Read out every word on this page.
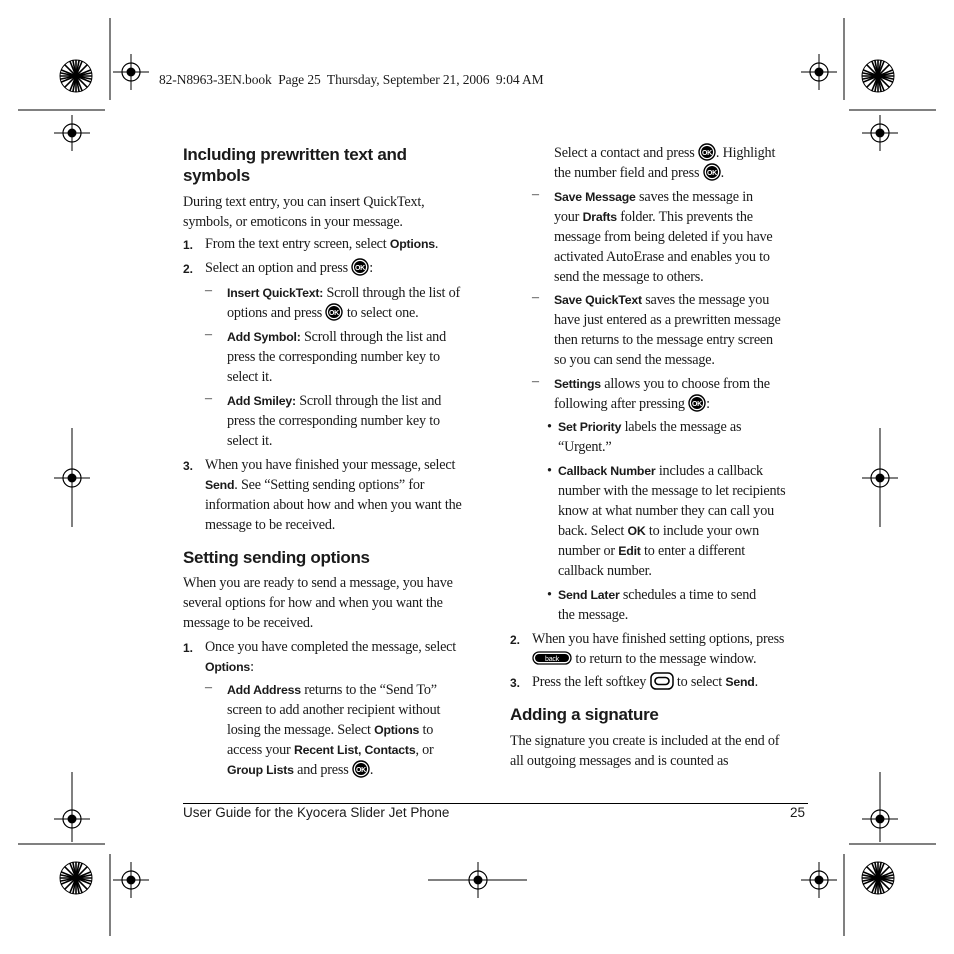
82-N8963-3EN.book  Page 25  Thursday, September 21, 2006  9:04 AM
Including prewritten text and
symbols
During text entry, you can insert QuickText,
symbols, or emoticons in your message.
1. From the text entry screen, select Options.
2. Select an option and press OK :
– Insert QuickText: Scroll through the list of
options and press OK to select one.
– Add Symbol: Scroll through the list and
press the corresponding number key to
select it.
– Add Smiley: Scroll through the list and
press the corresponding number key to
select it.
3. When you have finished your message, select
Send. See “Setting sending options” for
information about how and when you want the
message to be received.
Setting sending options
When you are ready to send a message, you have
several options for how and when you want the
message to be received.
1. Once you have completed the message, select
Options:
– Add Address returns to the “Send To”
screen to add another recipient without
losing the message. Select Options to
access your Recent List, Contacts, or
Group Lists and press OK .
Select a contact and press OK . Highlight
the number field and press OK .
– Save Message saves the message in
your Drafts folder. This prevents the
message from being deleted if you have
activated AutoErase and enables you to
send the message to others.
– Save QuickText saves the message you
have just entered as a prewritten message
then returns to the message entry screen
so you can send the message.
– Settings allows you to choose from the
following after pressing OK :
• Set Priority labels the message as
“Urgent.”
• Callback Number includes a callback
number with the message to let recipients
know at what number they can call you
back. Select OK to include your own
number or Edit to enter a different
callback number.
• Send Later schedules a time to send
the message.
2. When you have finished setting options, press
back to return to the message window.
3. Press the left softkey  to select Send.
Adding a signature
The signature you create is included at the end of
all outgoing messages and is counted as
User Guide for the Kyocera Slider Jet Phone	25
